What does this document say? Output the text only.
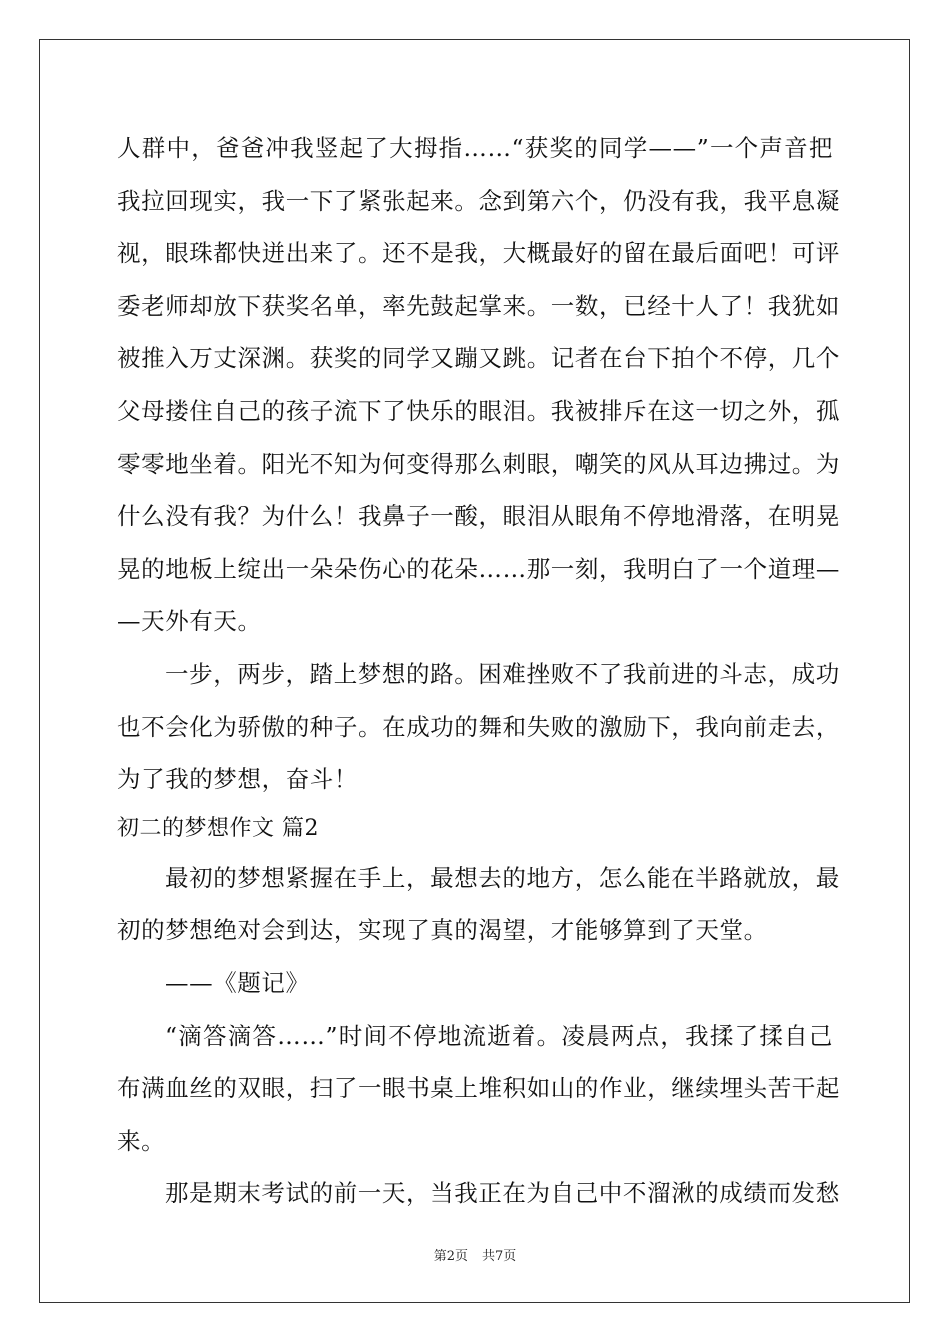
人群中，爸爸冲我竖起了大拇指……“获奖的同学——”一个声音把
我拉回现实，我一下了紧张起来。念到第六个，仍没有我，我平息凝
视，眼珠都快迸出来了。还不是我，大概最好的留在最后面吧！可评
委老师却放下获奖名单，率先鼓起掌来。一数，已经十人了！我犹如
被推入万丈深渊。获奖的同学又蹦又跳。记者在台下拍个不停，几个
父母搂住自己的孩子流下了快乐的眼泪。我被排斥在这一切之外，孤
零零地坐着。阳光不知为何变得那么刺眼，嘲笑的风从耳边拂过。为
什么没有我？为什么！我鼻子一酸，眼泪从眼角不停地滑落，在明晃
晃的地板上绽出一朵朵伤心的花朵……那一刻，我明白了一个道理—
—天外有天。
一步，两步，踏上梦想的路。困难挫败不了我前进的斗志，成功
也不会化为骄傲的种子。在成功的舞和失败的激励下，我向前走去，
为了我的梦想，奋斗！
初二的梦想作文 篇2
最初的梦想紧握在手上，最想去的地方，怎么能在半路就放，最
初的梦想绝对会到达，实现了真的渴望，才能够算到了天堂。
——《题记》
“滴答滴答……”时间不停地流逝着。凌晨两点，我揉了揉自己
布满血丝的双眼，扫了一眼书桌上堆积如山的作业，继续埋头苦干起
来。
那是期末考试的前一天，当我正在为自己中不溜湫的成绩而发愁
第2页 共7页
